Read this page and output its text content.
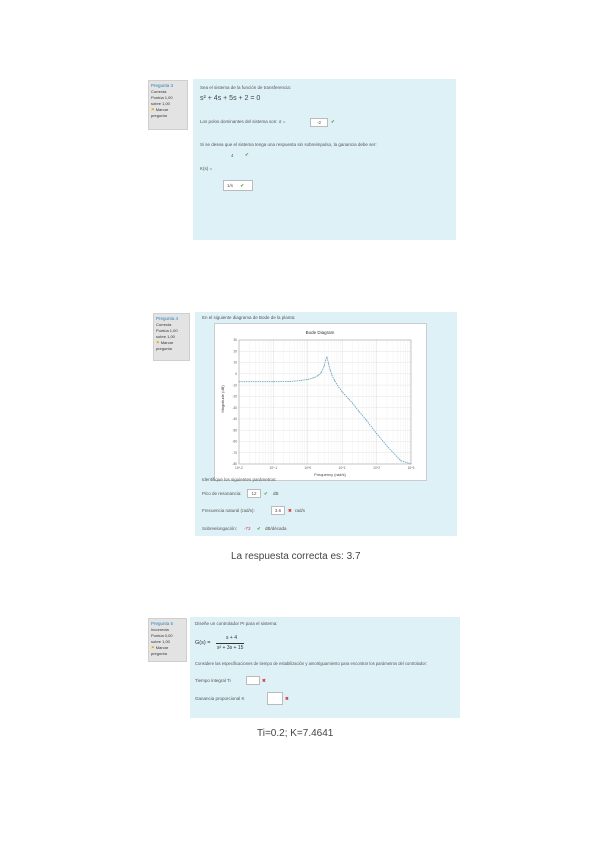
Pregunta 3
Correcta
Puntúa 1,00
sobre 1,00
⚑ Marcar pregunta
Sea el sistema de la función de transferencia:
s² + 4s + 5s + 2 = 0
Los polos dominantes del sistema son: σ =	-2	✔
Si se desea que el sistema tenga una respuesta sin sobreimpulso, la ganancia debe ser:
4	✔
K(s) =
1/s ✔
Pregunta 4
Correcta
Puntúa 1,00
sobre 1,00
⚑ Marcar pregunta
En el siguiente diagrama de Bode de la planta:
Bode Diagram
Frequency (rad/s)
Magnitude (dB)
30
20
10
0
-10
-20
-30
-40
-50
-60
-70
-80
10^-2	10^-1	10^0	10^1	10^2	10^3
Identifique los siguientes parámetros:
Pico de resonancia:	12	dB
✔
Frecuencia natural (rad/s):	3.6	✖ rad/s
Sobreelongación: -73 ✔ dB/década
La respuesta correcta es: 3.7
Pregunta 5
Incorrecta
Puntúa 0,00
sobre 1,00
⚑ Marcar pregunta
Diseñe un controlador PI para el sistema:
G(s) =
s + 4
s² + 3s + 15
Considere las especificaciones de tiempo de estabilización y amortiguamiento para encontrar los parámetros del controlador:
Tiempo integral Ti	✖
Ganancia proporcional K	✖
Ti=0.2; K=7.4641
